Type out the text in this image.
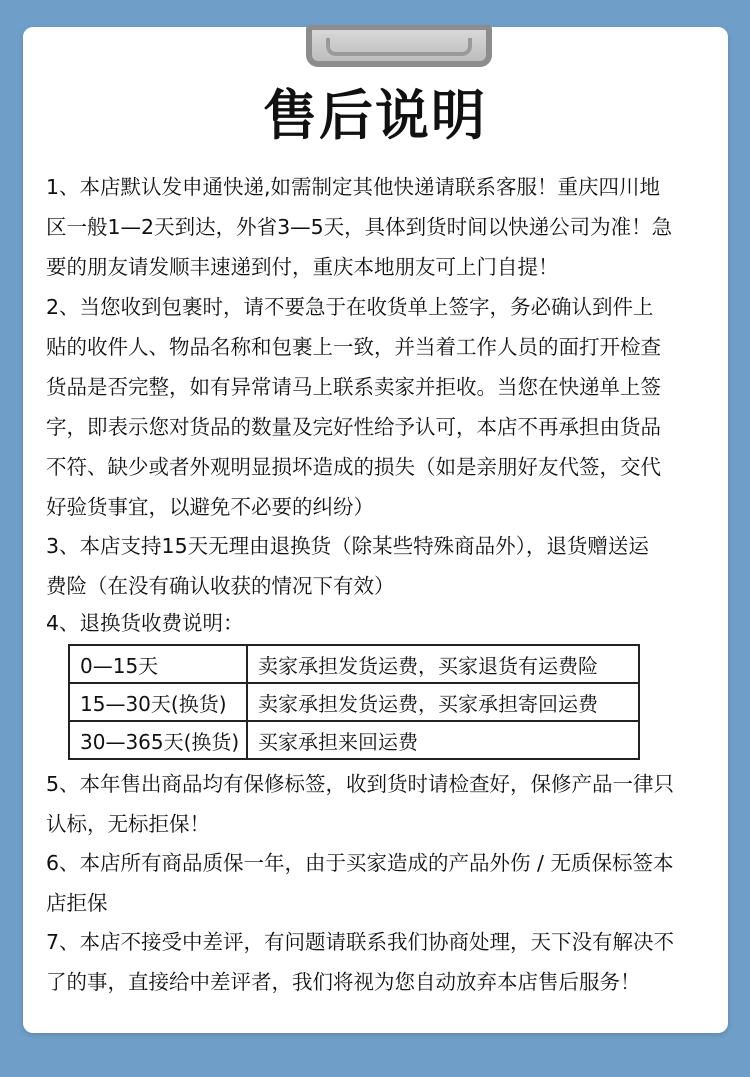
售后说明
1、本店默认发申通快递,如需制定其他快递请联系客服！重庆四川地
区一般1—2天到达，外省3—5天，具体到货时间以快递公司为准！急
要的朋友请发顺丰速递到付，重庆本地朋友可上门自提！
2、当您收到包裹时，请不要急于在收货单上签字，务必确认到件上
贴的收件人、物品名称和包裹上一致，并当着工作人员的面打开检查
货品是否完整，如有异常请马上联系卖家并拒收。当您在快递单上签
字，即表示您对货品的数量及完好性给予认可，本店不再承担由货品
不符、缺少或者外观明显损坏造成的损失（如是亲朋好友代签，交代
好验货事宜，以避免不必要的纠纷）
3、本店支持15天无理由退换货（除某些特殊商品外），退货赠送运
费险（在没有确认收获的情况下有效）
4、退换货收费说明：
0—15天	卖家承担发货运费，买家退货有运费险
15—30天(换货)	卖家承担发货运费，买家承担寄回运费
30—365天(换货)	买家承担来回运费
5、本年售出商品均有保修标签，收到货时请检查好，保修产品一律只
认标，无标拒保！
6、本店所有商品质保一年，由于买家造成的产品外伤 / 无质保标签本
店拒保
7、本店不接受中差评，有问题请联系我们协商处理，天下没有解决不
了的事，直接给中差评者，我们将视为您自动放弃本店售后服务！
